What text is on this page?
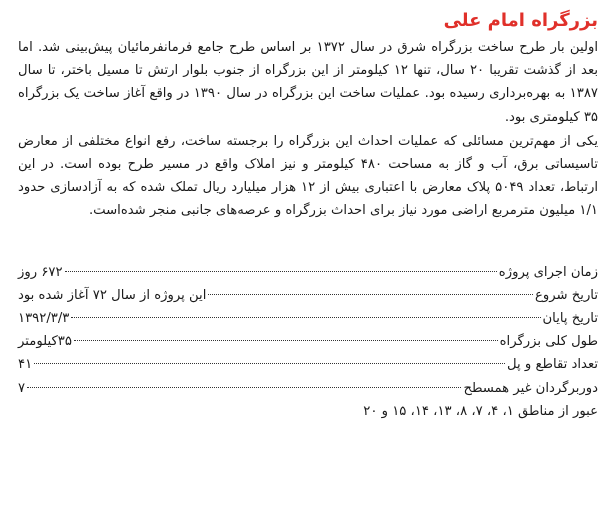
بزرگراه امام علی

اولین بار طرح ساخت بزرگراه شرق در سال ۱۳۷۲ بر اساس طرح جامع فرمانفرمائیان پیش‌بینی شد. اما بعد از گذشت تقریبا ۲۰ سال، تنها ۱۲ کیلومتر از این بزرگراه از جنوب بلوار ارتش تا مسیل باختر، تا سال ۱۳۸۷ به بهره‌برداری رسیده بود. عملیات ساخت این بزرگراه در سال ۱۳۹۰ در واقع آغاز ساخت یک بزرگراه ۳۵ کیلومتری بود.

یکی از مهم‌ترین مسائلی که عملیات احداث این بزرگراه را برجسته ساخت، رفع انواع مختلفی از معارض تاسیساتی برق، آب و گاز به مساحت ۴۸۰ کیلومتر و نیز املاک واقع در مسیر طرح بوده است. در این ارتباط، تعداد ۵۰۴۹ پلاک معارض با اعتباری بیش از ۱۲ هزار میلیارد ریال تملک شده که به آزادسازی حدود ۱/۱ میلیون مترمربع اراضی مورد نیاز برای احداث بزرگراه و عرصه‌های جانبی منجر شده‌است.

زمان اجرای پروژه
۶۷۲ روز
تاریخ شروع
این پروژه از سال ۷۲ آغاز شده بود
تاریخ پایان
۱۳۹۲/۳/۳
طول کلی بزرگراه
۳۵کیلومتر
تعداد تقاطع و پل
۴۱
دوربرگردان غیر همسطح
۷
عبور از مناطق ۱، ۴، ۷، ۸، ۱۳، ۱۴، ۱۵ و ۲۰
